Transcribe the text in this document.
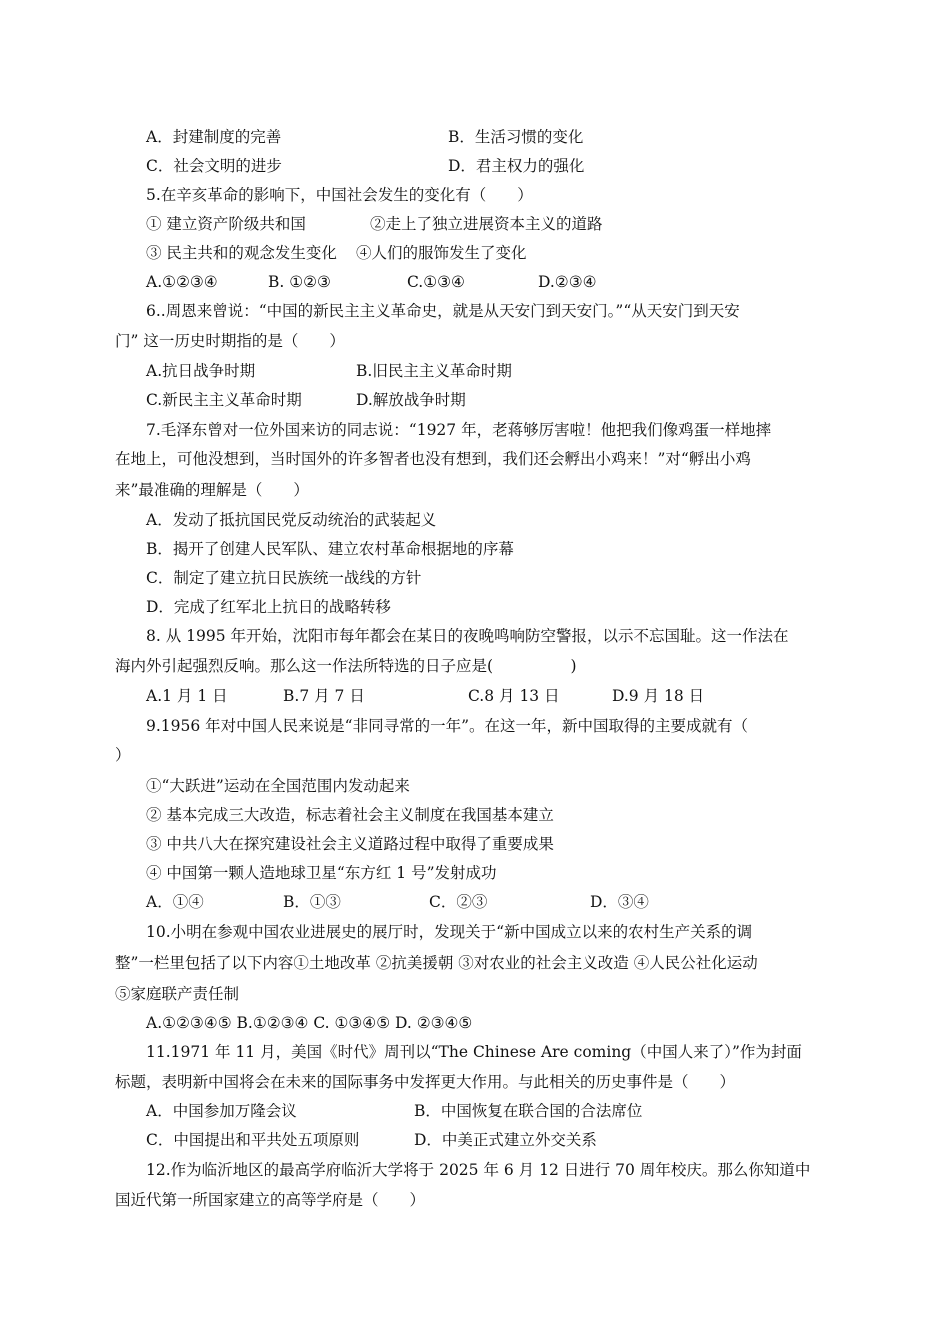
A．封建制度的完善	B．生活习惯的变化
C．社会文明的进步	D．君主权力的强化
5.在辛亥革命的影响下，中国社会发生的变化有（　　）
① 建立资产阶级共和国	②走上了独立进展资本主义的道路
③ 民主共和的观念发生变化 ④人们的服饰发生了变化
A.①②③④	B. ①②③	C.①③④	D.②③④
6..周恩来曾说：“中国的新民主主义革命史，就是从天安门到天安门。”“从天安门到天安
门” 这一历史时期指的是（　　）
A.抗日战争时期	B.旧民主主义革命时期
C.新民主主义革命时期	D.解放战争时期
7.毛泽东曾对一位外国来访的同志说：“1927 年，老蒋够厉害啦！他把我们像鸡蛋一样地摔
在地上，可他没想到，当时国外的许多智者也没有想到，我们还会孵出小鸡来！”对“孵出小鸡
来”最准确的理解是（　　）
A．发动了抵抗国民党反动统治的武装起义
B．揭开了创建人民军队、建立农村革命根据地的序幕
C．制定了建立抗日民族统一战线的方针
D．完成了红军北上抗日的战略转移
8. 从 1995 年开始，沈阳市每年都会在某日的夜晚鸣响防空警报，以示不忘国耻。这一作法在
海内外引起强烈反响。那么这一作法所特选的日子应是(　　　　　)
A.1 月 1 日	B.7 月 7 日	C.8 月 13 日	D.9 月 18 日
9.1956 年对中国人民来说是“非同寻常的一年”。在这一年，新中国取得的主要成就有（
）
①“大跃进”运动在全国范围内发动起来
② 基本完成三大改造，标志着社会主义制度在我国基本建立
③ 中共八大在探究建设社会主义道路过程中取得了重要成果
④ 中国第一颗人造地球卫星“东方红 1 号”发射成功
A．①④	B．①③	C．②③	D．③④
10.小明在参观中国农业进展史的展厅时，发现关于“新中国成立以来的农村生产关系的调
整”一栏里包括了以下内容①土地改革 ②抗美援朝 ③对农业的社会主义改造 ④人民公社化运动
⑤家庭联产责任制
A.①②③④⑤ B.①②③④ C. ①③④⑤ D. ②③④⑤
11.1971 年 11 月，美国《时代》周刊以“The Chinese Are coming（中国人来了）”作为封面
标题，表明新中国将会在未来的国际事务中发挥更大作用。与此相关的历史事件是（　　）
A．中国参加万隆会议	B．中国恢复在联合国的合法席位
C．中国提出和平共处五项原则	D．中美正式建立外交关系
12.作为临沂地区的最高学府临沂大学将于 2025 年 6 月 12 日进行 70 周年校庆。那么你知道中
国近代第一所国家建立的高等学府是（　　）
